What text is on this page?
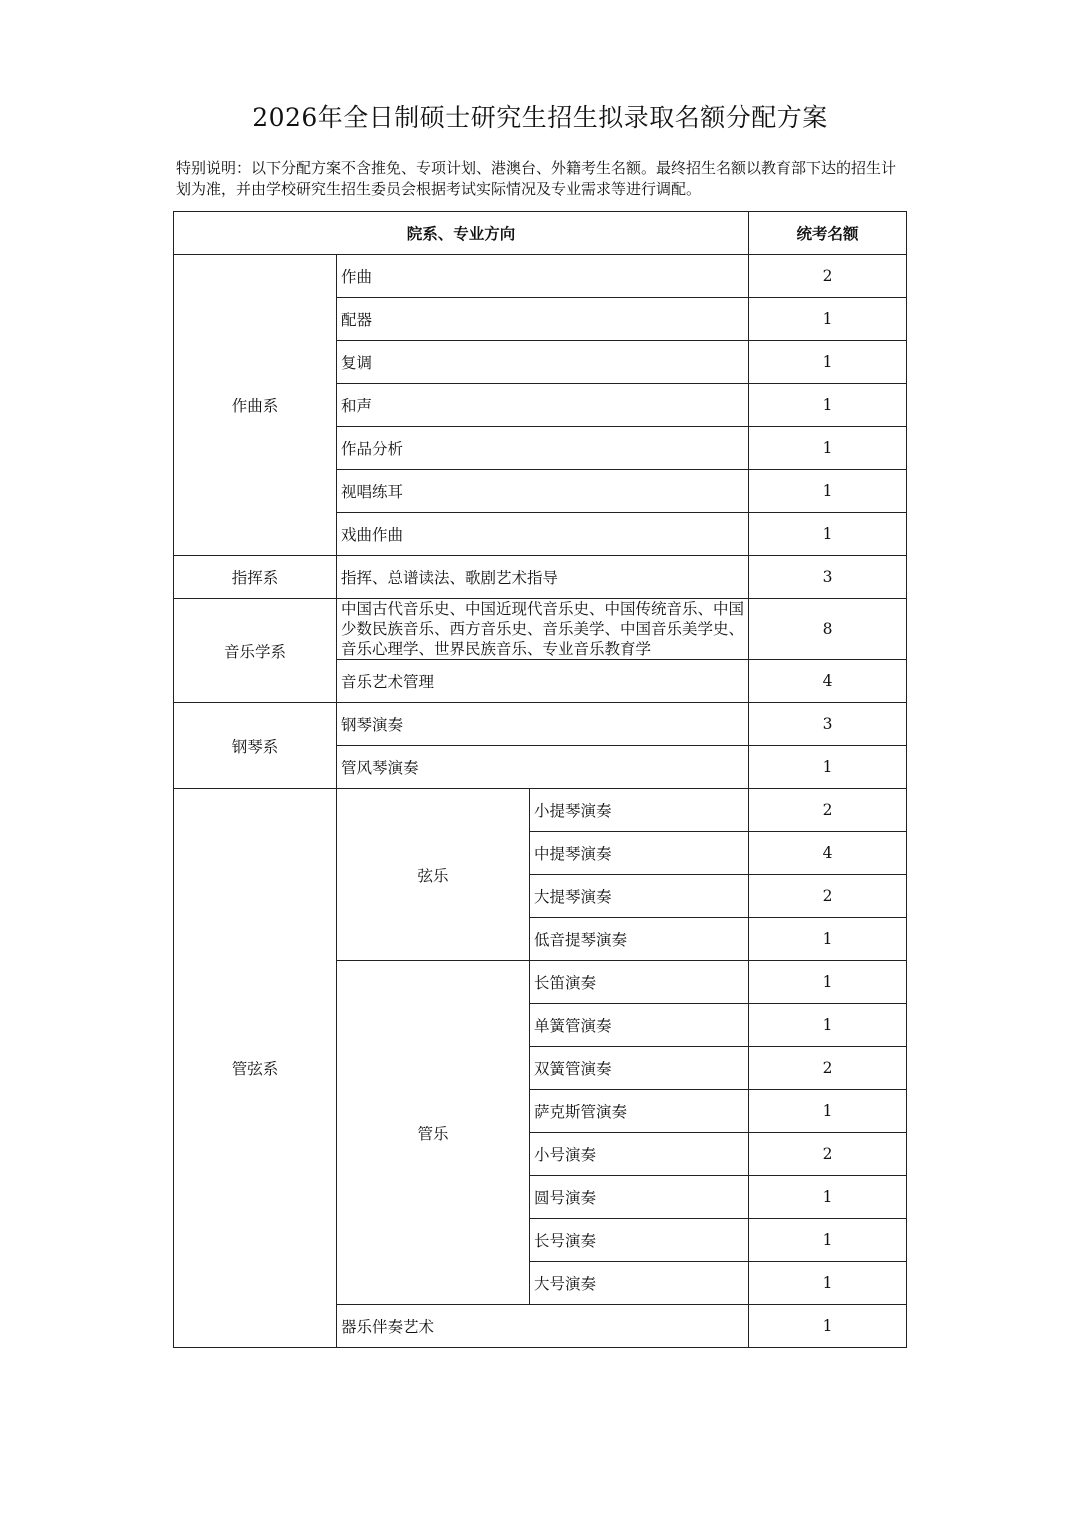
2026年全日制硕士研究生招生拟录取名额分配方案
特别说明：以下分配方案不含推免、专项计划、港澳台、外籍考生名额。最终招生名额以教育部下达的招生计划为准，并由学校研究生招生委员会根据考试实际情况及专业需求等进行调配。
院系、专业方向			统考名额
作曲系	作曲		2
	配器		1
	复调		1
	和声		1
	作品分析		1
	视唱练耳		1
	戏曲作曲		1
指挥系	指挥、总谱读法、歌剧艺术指导		3
音乐学系	中国古代音乐史、中国近现代音乐史、中国传统音乐、中国少数民族音乐、西方音乐史、音乐美学、中国音乐美学史、音乐心理学、世界民族音乐、专业音乐教育学		8
	音乐艺术管理		4
钢琴系	钢琴演奏		3
	管风琴演奏		1
管弦系	弦乐	小提琴演奏	2
		中提琴演奏	4
		大提琴演奏	2
		低音提琴演奏	1
	管乐	长笛演奏	1
		单簧管演奏	1
		双簧管演奏	2
		萨克斯管演奏	1
		小号演奏	2
		圆号演奏	1
		长号演奏	1
		大号演奏	1
	器乐伴奏艺术		1
